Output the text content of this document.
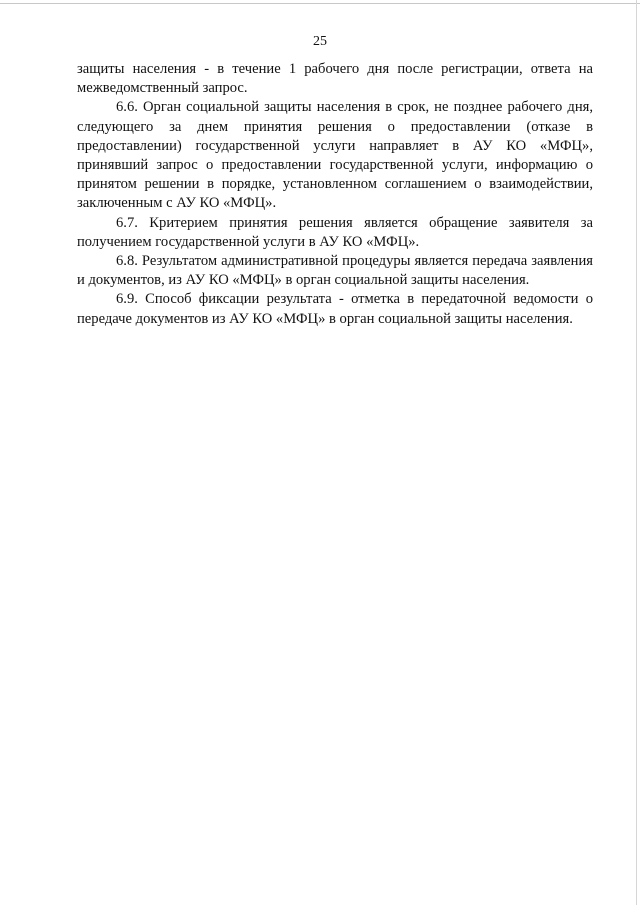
25

защиты населения - в течение 1 рабочего дня после регистрации, ответа на межведомственный запрос.

6.6. Орган социальной защиты населения в срок, не позднее рабочего дня, следующего за днем принятия решения о предоставлении (отказе в предоставлении) государственной услуги направляет в АУ КО «МФЦ», принявший запрос о предоставлении государственной услуги, информацию о принятом решении в порядке, установленном соглашением о взаимодействии, заключенным с АУ КО «МФЦ».

6.7. Критерием принятия решения является обращение заявителя за получением государственной услуги в АУ КО «МФЦ».

6.8. Результатом административной процедуры является передача заявления и документов, из АУ КО «МФЦ» в орган социальной защиты населения.

6.9. Способ фиксации результата - отметка в передаточной ведомости о передаче документов из АУ КО «МФЦ» в орган социальной защиты населения.
